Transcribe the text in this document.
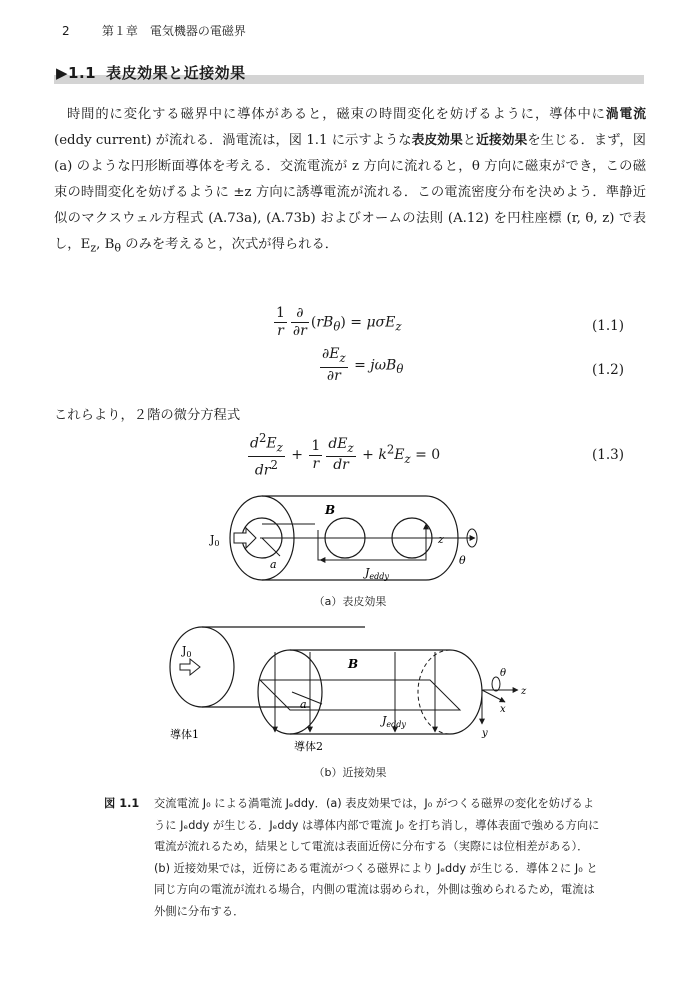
2	第１章　電気機器の電磁界
▶1.1 表皮効果と近接効果
時間的に変化する磁界中に導体があると，磁束の時間変化を妨げるように，導体中に渦電流 (eddy current) が流れる．渦電流は，図 1.1 に示すような表皮効果と近接効果を生じる．まず，図 (a) のような円形断面導体を考える．交流電流が z 方向に流れると，θ 方向に磁束ができ，この磁束の時間変化を妨げるように ±z 方向に誘導電流が流れる．この電流密度分布を決めよう．準静近似のマクスウェル方程式 (A.73a), (A.73b) およびオームの法則 (A.12) を円柱座標 (r, θ, z) で表し，$E_z$, $B_\theta$ のみを考えると，次式が得られる．
$\frac{1}{r} \frac{\partial}{\partial r} (rB_\theta) = \mu\sigma E_z$	(1.1)
$\frac{\partial E_z}{\partial r} = j\omega B_\theta$	(1.2)
これらより，２階の微分方程式
$\frac{d^2E_z}{dr^2} + \frac{1}{r} \frac{dE_z}{dr} + k^2E_z = 0$	(1.3)
$J_0$
B
a
$J_{eddy}$
z
θ
（a）表皮効果
$J_0$
B
a
$J_{eddy}$
θ
z
x
y
導体1
導体2
（b）近接効果
図 1.1 交流電流 J₀ による渦電流 Jₑddy．(a) 表皮効果では，J₀ がつくる磁界の変化を妨げるように Jₑddy が生じる．Jₑddy は導体内部で電流 J₀ を打ち消し，導体表面で強める方向に電流が流れるため，結果として電流は表面近傍に分布する（実際には位相差がある）．(b) 近接効果では，近傍にある電流がつくる磁界により Jₑddy が生じる．導体２に J₀ と同じ方向の電流が流れる場合，内側の電流は弱められ，外側は強められるため，電流は外側に分布する．
